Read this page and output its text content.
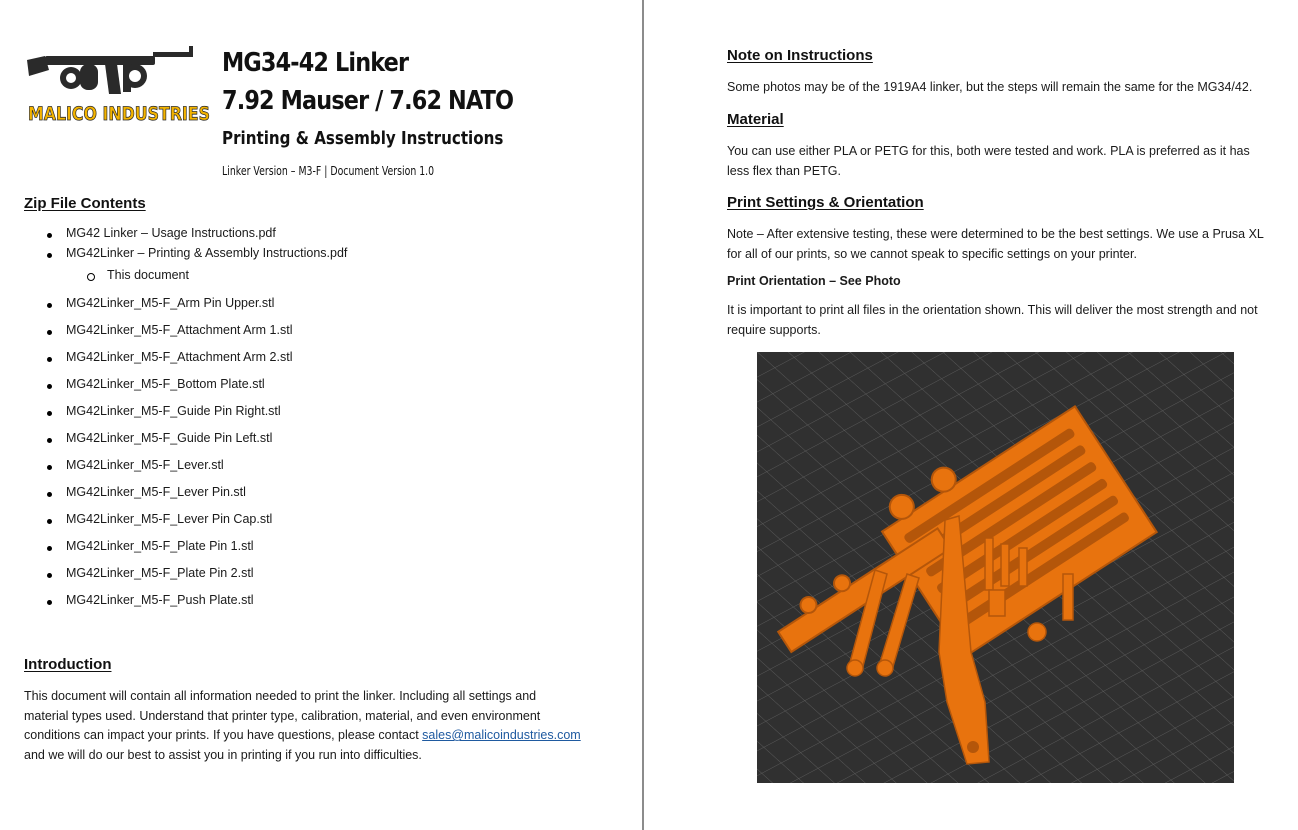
MALICO INDUSTRIES
MG34-42 Linker
7.92 Mauser / 7.62 NATO
Printing & Assembly Instructions
Linker Version – M3-F | Document Version 1.0
Zip File Contents
MG42 Linker – Usage Instructions.pdf
MG42Linker – Printing & Assembly Instructions.pdf
This document
MG42Linker_M5-F_Arm Pin Upper.stl
MG42Linker_M5-F_Attachment Arm 1.stl
MG42Linker_M5-F_Attachment Arm 2.stl
MG42Linker_M5-F_Bottom Plate.stl
MG42Linker_M5-F_Guide Pin Right.stl
MG42Linker_M5-F_Guide Pin Left.stl
MG42Linker_M5-F_Lever.stl
MG42Linker_M5-F_Lever Pin.stl
MG42Linker_M5-F_Lever Pin Cap.stl
MG42Linker_M5-F_Plate Pin 1.stl
MG42Linker_M5-F_Plate Pin 2.stl
MG42Linker_M5-F_Push Plate.stl
Introduction
This document will contain all information needed to print the linker. Including all settings and material types used. Understand that printer type, calibration, material, and even environment conditions can impact your prints. If you have questions, please contact sales@malicoindustries.com and we will do our best to assist you in printing if you run into difficulties.
Note on Instructions
Some photos may be of the 1919A4 linker, but the steps will remain the same for the MG34/42.
Material
You can use either PLA or PETG for this, both were tested and work. PLA is preferred as it has less flex than PETG.
Print Settings & Orientation
Note – After extensive testing, these were determined to be the best settings. We use a Prusa XL for all of our prints, so we cannot speak to specific settings on your printer.
Print Orientation – See Photo
It is important to print all files in the orientation shown. This will deliver the most strength and not require supports.
